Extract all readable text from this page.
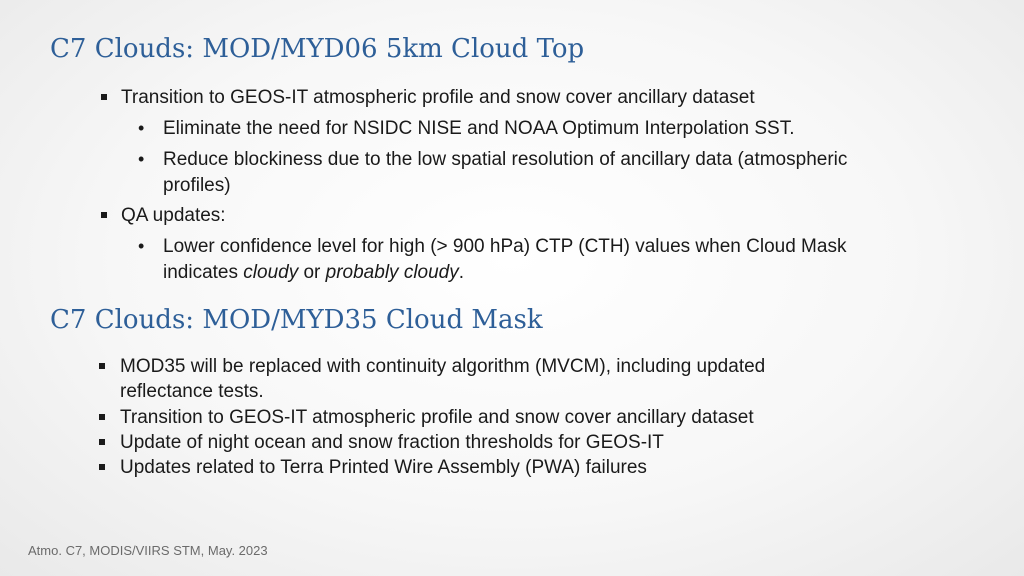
C7 Clouds: MOD/MYD06 5km Cloud Top
Transition to GEOS-IT atmospheric profile and snow cover ancillary dataset
• Eliminate the need for NSIDC NISE and NOAA Optimum Interpolation SST.
• Reduce blockiness due to the low spatial resolution of ancillary data (atmospheric
profiles)
QA updates:
• Lower confidence level for high (> 900 hPa) CTP (CTH) values when Cloud Mask
indicates cloudy or probably cloudy.
C7 Clouds: MOD/MYD35 Cloud Mask
MOD35 will be replaced with continuity algorithm (MVCM), including updated
reflectance tests.
Transition to GEOS-IT atmospheric profile and snow cover ancillary dataset
Update of night ocean and snow fraction thresholds for GEOS-IT
Updates related to Terra Printed Wire Assembly (PWA) failures
Atmo. C7, MODIS/VIIRS STM, May. 2023
